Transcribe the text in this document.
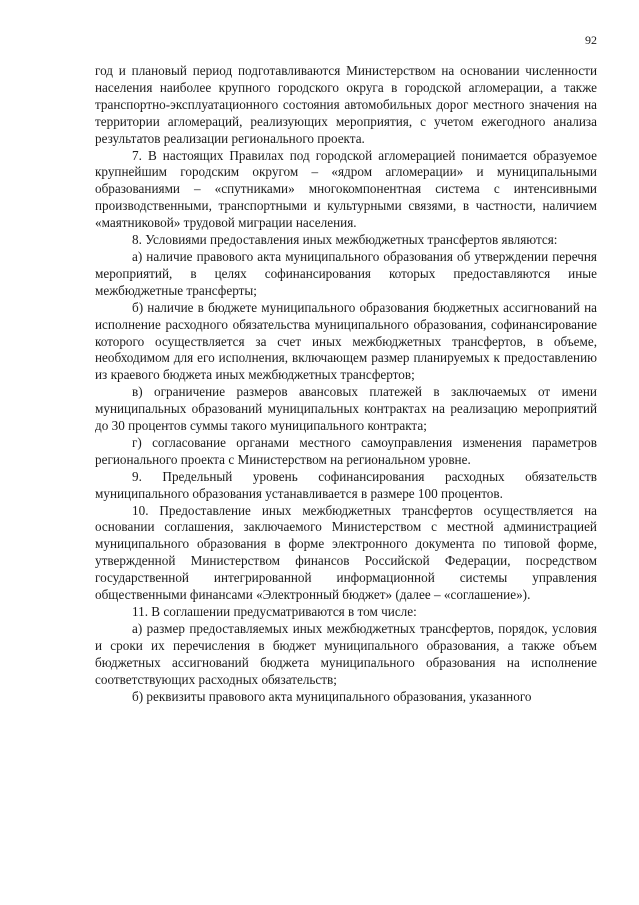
92

год и плановый период подготавливаются Министерством на основании численности населения наиболее крупного городского округа в городской агломерации, а также транспортно-эксплуатационного состояния автомобильных дорог местного значения на территории агломераций, реализующих мероприятия, с учетом ежегодного анализа результатов реализации регионального проекта.

7. В настоящих Правилах под городской агломерацией понимается образуемое крупнейшим городским округом – «ядром агломерации» и муниципальными образованиями – «спутниками» многокомпонентная система с интенсивными производственными, транспортными и культурными связями, в частности, наличием «маятниковой» трудовой миграции населения.

8. Условиями предоставления иных межбюджетных трансфертов являются:

а) наличие правового акта муниципального образования об утверждении перечня мероприятий, в целях софинансирования которых предоставляются иные межбюджетные трансферты;

б) наличие в бюджете муниципального образования бюджетных ассигнований на исполнение расходного обязательства муниципального образования, софинансирование которого осуществляется за счет иных межбюджетных трансфертов, в объеме, необходимом для его исполнения, включающем размер планируемых к предоставлению из краевого бюджета иных межбюджетных трансфертов;

в) ограничение размеров авансовых платежей в заключаемых от имени муниципальных образований муниципальных контрактах на реализацию мероприятий до 30 процентов суммы такого муниципального контракта;

г) согласование органами местного самоуправления изменения параметров регионального проекта с Министерством на региональном уровне.

9. Предельный уровень софинансирования расходных обязательств муниципального образования устанавливается в размере 100 процентов.

10. Предоставление иных межбюджетных трансфертов осуществляется на основании соглашения, заключаемого Министерством с местной администрацией муниципального образования в форме электронного документа по типовой форме, утвержденной Министерством финансов Российской Федерации, посредством государственной интегрированной информационной системы управления общественными финансами «Электронный бюджет» (далее – «соглашение»).

11. В соглашении предусматриваются в том числе:

а) размер предоставляемых иных межбюджетных трансфертов, порядок, условия и сроки их перечисления в бюджет муниципального образования, а также объем бюджетных ассигнований бюджета муниципального образования на исполнение соответствующих расходных обязательств;

б) реквизиты правового акта муниципального образования, указанного
